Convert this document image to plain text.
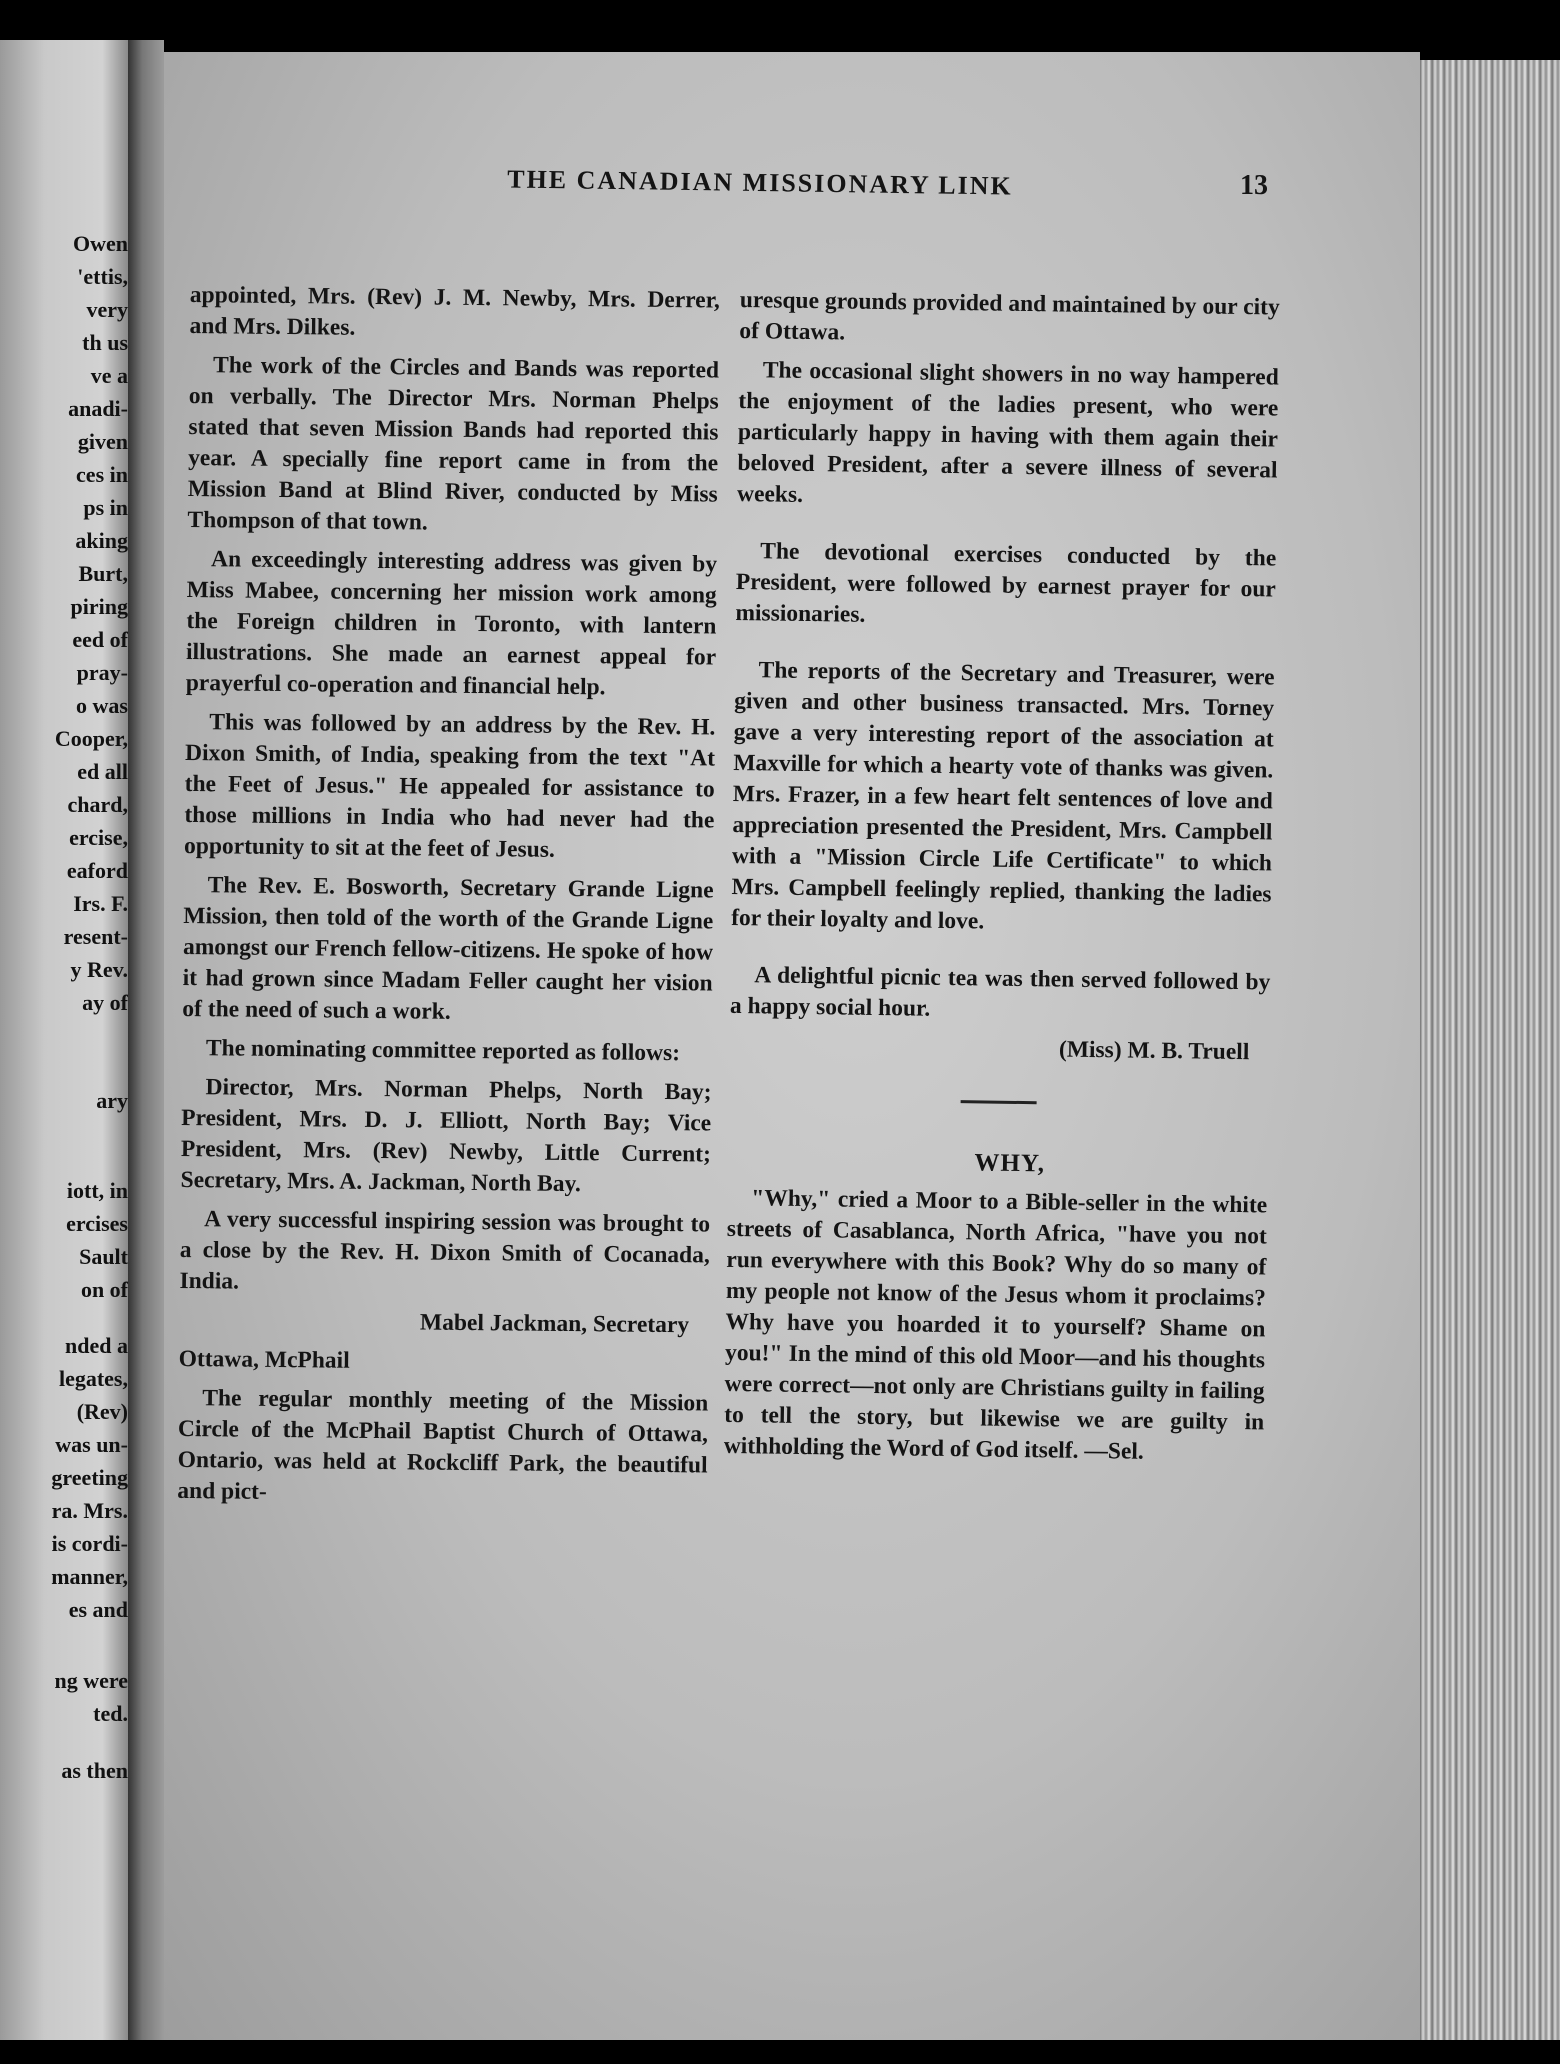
Owen
'ettis,
very
th us
ve a
anadi-
given
ces in
ps in
aking
Burt,
piring
eed of
pray-
o was
Cooper,
ed all
chard,
ercise,
eaford
Irs. F.
resent-
y Rev.
ay of
ary
iott, in
ercises
Sault
on of
nded a
legates,
(Rev)
was un-
greeting
ra. Mrs.
is cordi-
manner,
es and
ng were
ted.
as then
THE CANADIAN MISSIONARY LINK	13

appointed, Mrs. (Rev) J. M. Newby, Mrs. Derrer, and Mrs. Dilkes.

The work of the Circles and Bands was reported on verbally. The Director Mrs. Norman Phelps stated that seven Mission Bands had reported this year. A specially fine report came in from the Mission Band at Blind River, conducted by Miss Thompson of that town.

An exceedingly interesting address was given by Miss Mabee, concerning her mission work among the Foreign children in Toronto, with lantern illustrations. She made an earnest appeal for prayerful co-operation and financial help.

This was followed by an address by the Rev. H. Dixon Smith, of India, speaking from the text "At the Feet of Jesus." He appealed for assistance to those millions in India who had never had the opportunity to sit at the feet of Jesus.

The Rev. E. Bosworth, Secretary Grande Ligne Mission, then told of the worth of the Grande Ligne amongst our French fellow-citizens. He spoke of how it had grown since Madam Feller caught her vision of the need of such a work.

The nominating committee reported as follows:

Director, Mrs. Norman Phelps, North Bay; President, Mrs. D. J. Elliott, North Bay; Vice President, Mrs. (Rev) Newby, Little Current; Secretary, Mrs. A. Jackman, North Bay.

A very successful inspiring session was brought to a close by the Rev. H. Dixon Smith of Cocanada, India.

Mabel Jackman, Secretary

Ottawa, McPhail

The regular monthly meeting of the Mission Circle of the McPhail Baptist Church of Ottawa, Ontario, was held at Rockcliff Park, the beautiful and pict-

uresque grounds provided and maintained by our city of Ottawa.

The occasional slight showers in no way hampered the enjoyment of the ladies present, who were particularly happy in having with them again their beloved President, after a severe illness of several weeks.

The devotional exercises conducted by the President, were followed by earnest prayer for our missionaries.

The reports of the Secretary and Treasurer, were given and other business transacted. Mrs. Torney gave a very interesting report of the association at Maxville for which a hearty vote of thanks was given. Mrs. Frazer, in a few heart felt sentences of love and appreciation presented the President, Mrs. Campbell with a "Mission Circle Life Certificate" to which Mrs. Campbell feelingly replied, thanking the ladies for their loyalty and love.

A delightful picnic tea was then served followed by a happy social hour.

(Miss) M. B. Truell

WHY,

"Why," cried a Moor to a Bible-seller in the white streets of Casablanca, North Africa, "have you not run everywhere with this Book? Why do so many of my people not know of the Jesus whom it proclaims? Why have you hoarded it to yourself? Shame on you!" In the mind of this old Moor—and his thoughts were correct—not only are Christians guilty in failing to tell the story, but likewise we are guilty in withholding the Word of God itself. —Sel.
